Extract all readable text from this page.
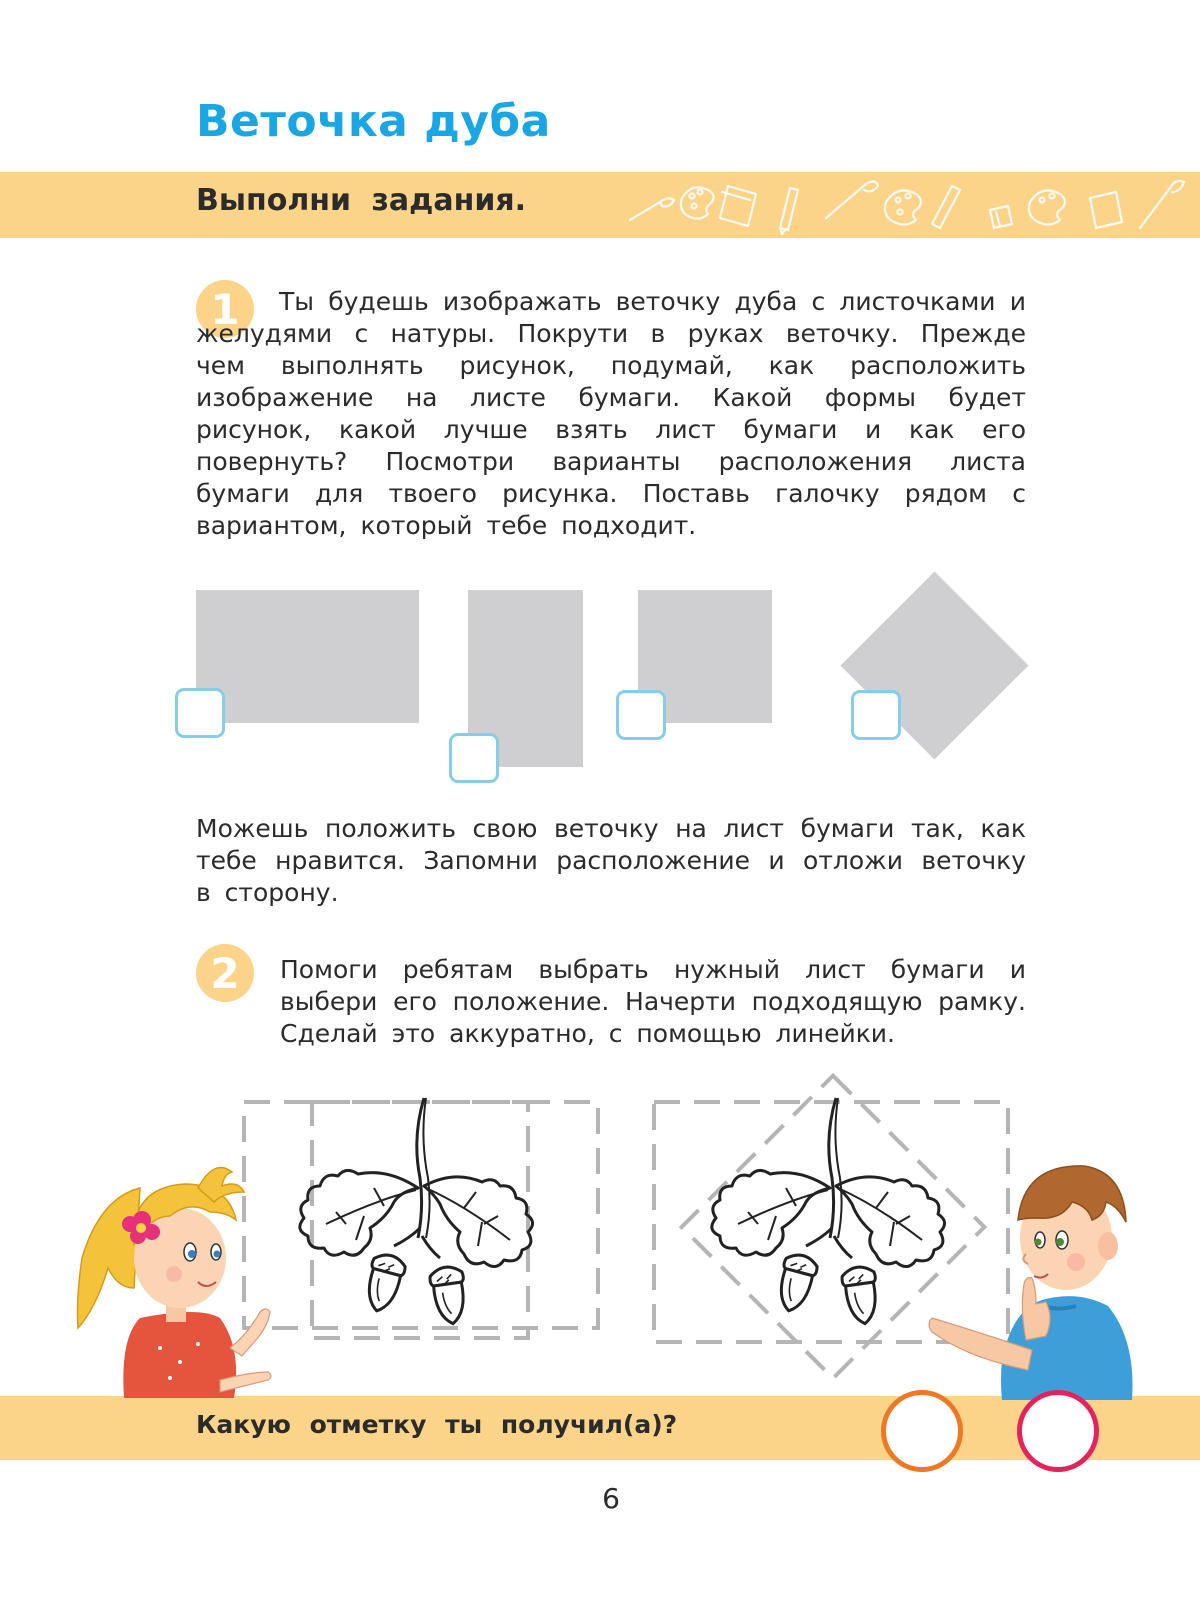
Веточка дуба
Выполни задания.
1	Ты будешь изображать веточку дуба с листочками и желудями с натуры. Покрути в руках веточку. Прежде чем выполнять рисунок, подумай, как расположить изображение на листе бумаги. Какой формы будет рисунок, какой лучше взять лист бумаги и как его повернуть? Посмотри варианты расположения листа бумаги для твоего рисунка. Поставь галочку рядом с вариантом, который тебе подходит.
Можешь положить свою веточку на лист бумаги так, как тебе нравится. Запомни расположение и отложи веточку в сторону.
2	Помоги ребятам выбрать нужный лист бумаги и выбери его положение. Начерти подходящую рамку. Сделай это аккуратно, с помощью линейки.
Какую отметку ты получил(а)?
6
